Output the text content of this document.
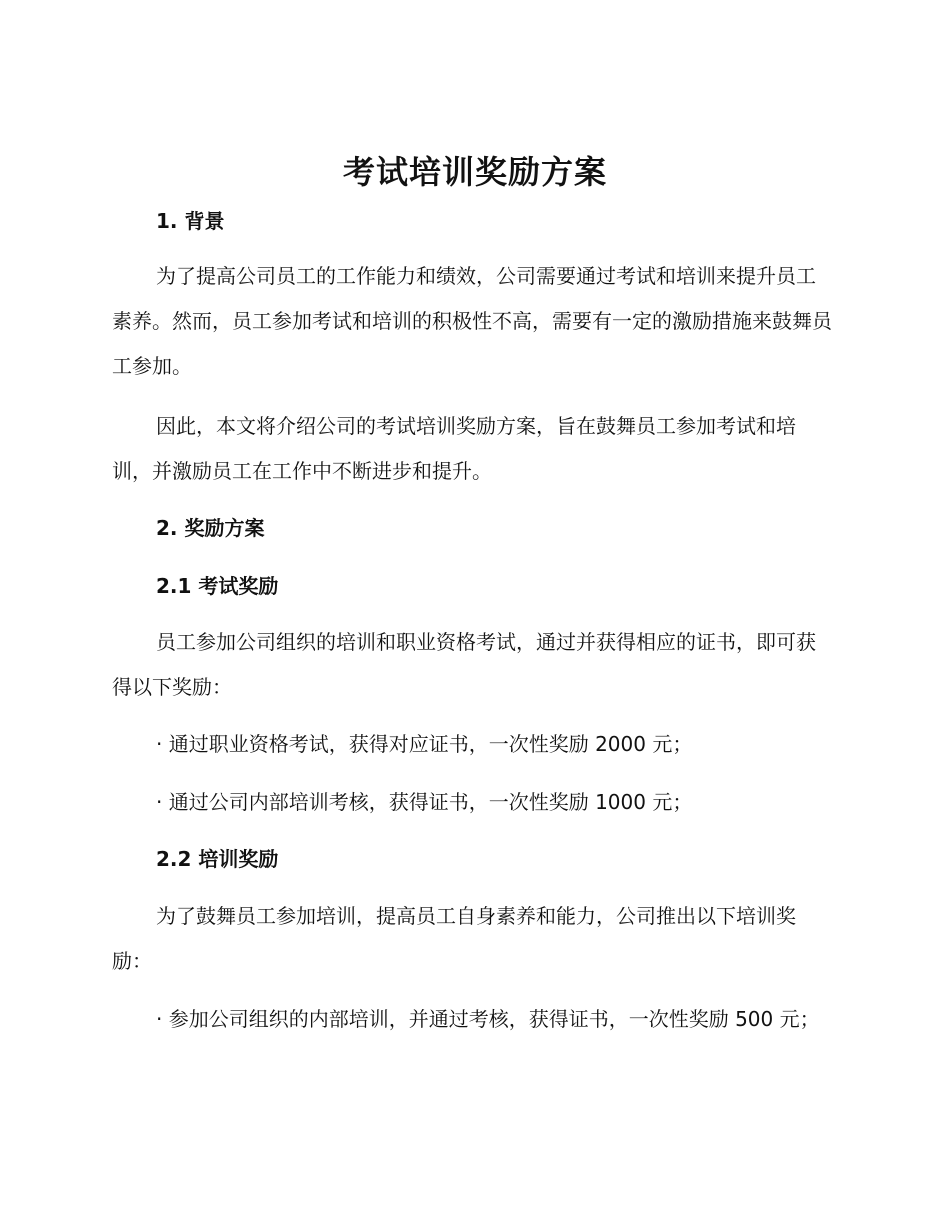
考试培训奖励方案
1. 背景

为了提高公司员工的工作能力和绩效，公司需要通过考试和培训来提升员工素养。然而，员工参加考试和培训的积极性不高，需要有一定的激励措施来鼓舞员工参加。

因此，本文将介绍公司的考试培训奖励方案，旨在鼓舞员工参加考试和培训，并激励员工在工作中不断进步和提升。

2. 奖励方案
2.1 考试奖励

员工参加公司组织的培训和职业资格考试，通过并获得相应的证书，即可获得以下奖励：

· 通过职业资格考试，获得对应证书，一次性奖励 2000 元；

· 通过公司内部培训考核，获得证书，一次性奖励 1000 元；

2.2 培训奖励

为了鼓舞员工参加培训，提高员工自身素养和能力，公司推出以下培训奖励：

· 参加公司组织的内部培训，并通过考核，获得证书，一次性奖励 500 元；
